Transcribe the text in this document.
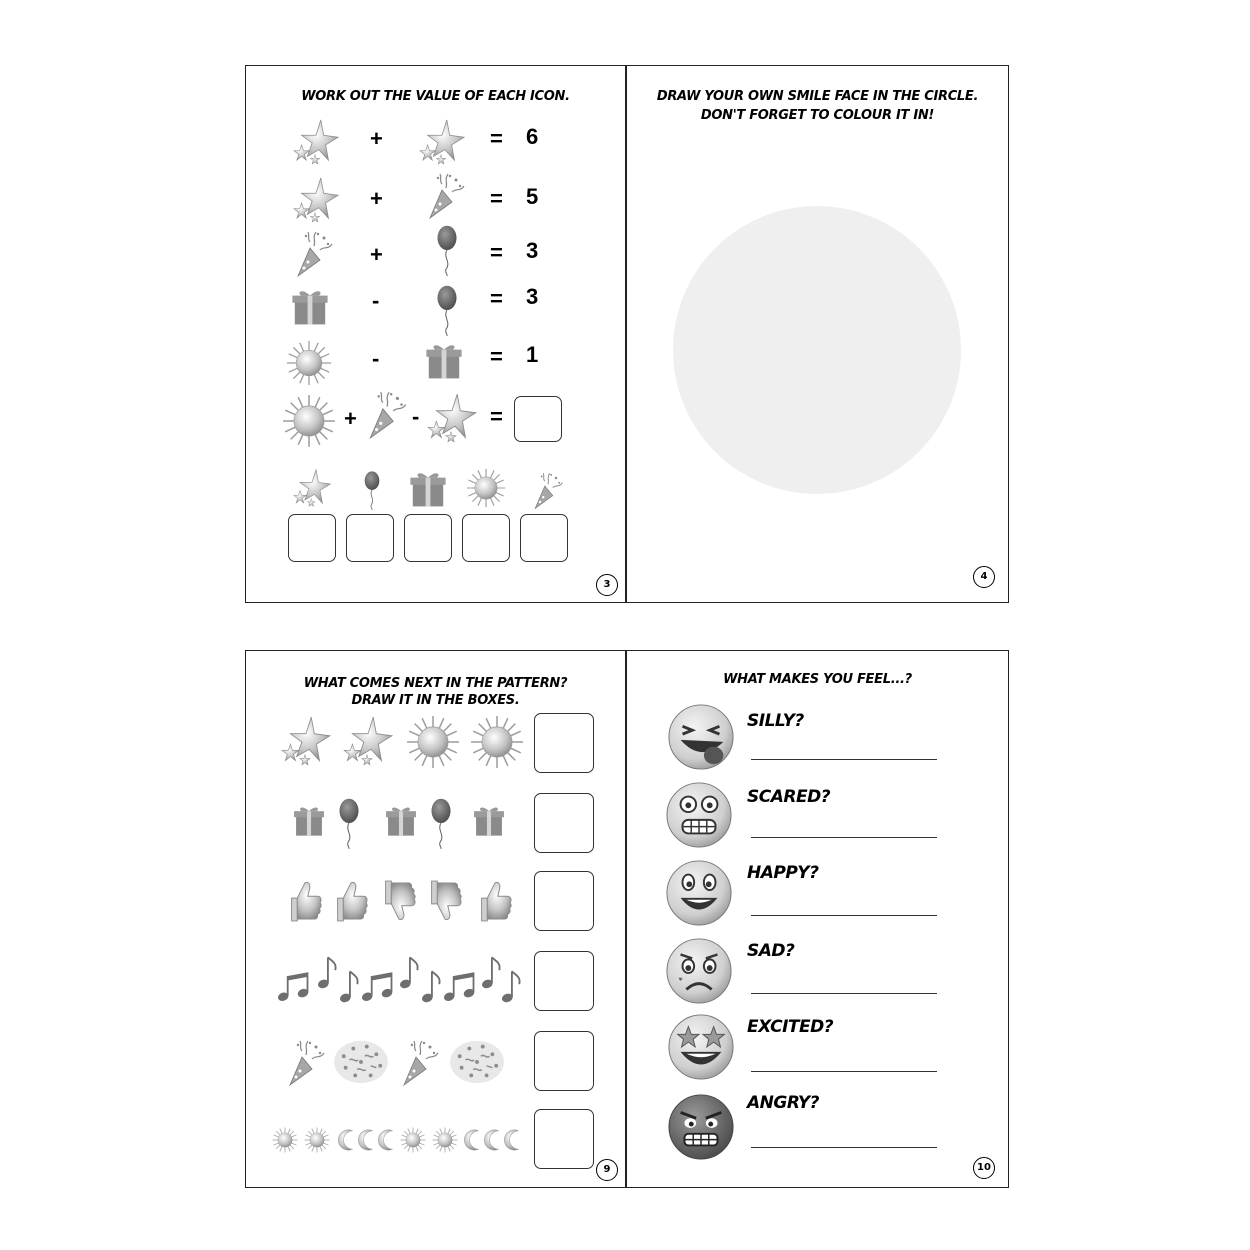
WORK OUT THE VALUE OF EACH ICON.
+	= 6
+	= 5
+	= 3
-	= 3
-	= 1
+	-	=
3
DRAW YOUR OWN SMILE FACE IN THE CIRCLE.
DON'T FORGET TO COLOUR IT IN!
4
WHAT COMES NEXT IN THE PATTERN?
DRAW IT IN THE BOXES.
9
WHAT MAKES YOU FEEL...?
SILLY?
SCARED?
HAPPY?
SAD?
EXCITED?
ANGRY?
10
